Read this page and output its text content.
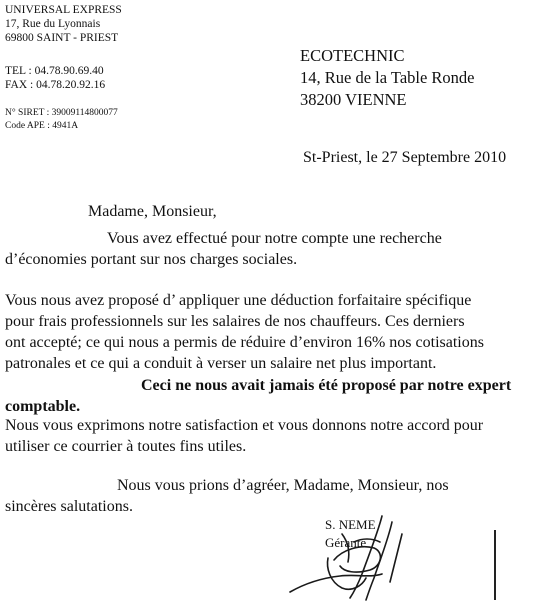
UNIVERSAL EXPRESS
17, Rue du Lyonnais
69800 SAINT - PRIEST
TEL : 04.78.90.69.40
FAX : 04.78.20.92.16
N° SIRET : 39009114800077
Code APE : 4941A
ECOTECHNIC
14, Rue de la Table Ronde
38200 VIENNE
St-Priest, le 27 Septembre 2010
Madame, Monsieur,
Vous avez effectué pour notre compte une recherche
d’économies portant sur nos charges sociales.
Vous nous avez proposé d’ appliquer une déduction forfaitaire spécifique
pour frais professionnels sur les salaires de nos chauffeurs. Ces derniers
ont accepté; ce qui nous a permis de réduire d’environ 16% nos cotisations
patronales et ce qui a conduit à verser un salaire net plus important.
Ceci ne nous avait jamais été proposé par notre expert
comptable.
Nous vous exprimons notre satisfaction et vous donnons notre accord pour
utiliser ce courrier à toutes fins utiles.
Nous vous prions d’agréer, Madame, Monsieur, nos
sincères salutations.
S. NEME
Gérante
